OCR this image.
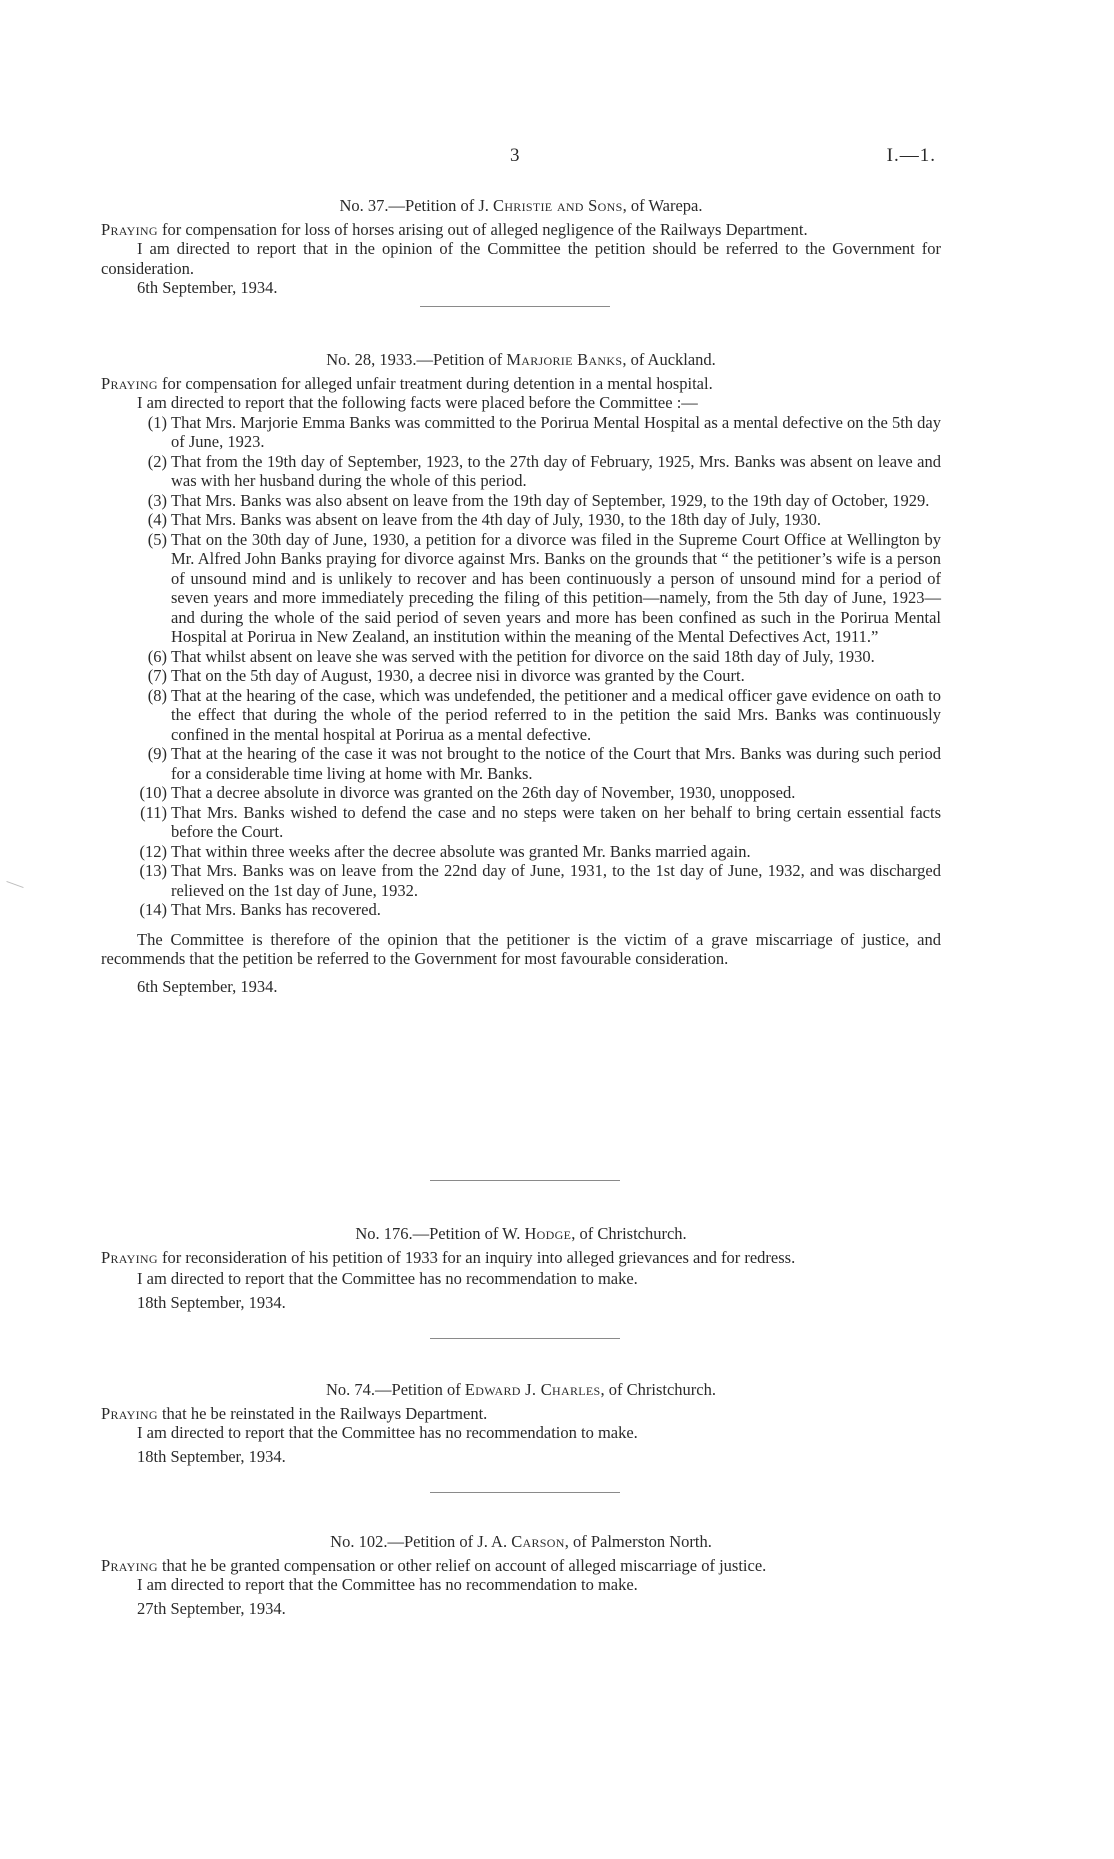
3	I.—1.

No. 37.—Petition of J. Christie and Sons, of Warepa.

Praying for compensation for loss of horses arising out of alleged negligence of the Railways Department.

I am directed to report that in the opinion of the Committee the petition should be referred to the Government for consideration.

6th September, 1934.

No. 28, 1933.—Petition of Marjorie Banks, of Auckland.

Praying for compensation for alleged unfair treatment during detention in a mental hospital.

I am directed to report that the following facts were placed before the Committee :—

(1) That Mrs. Marjorie Emma Banks was committed to the Porirua Mental Hospital as a mental defective on the 5th day of June, 1923.
(2) That from the 19th day of September, 1923, to the 27th day of February, 1925, Mrs. Banks was absent on leave and was with her husband during the whole of this period.
(3) That Mrs. Banks was also absent on leave from the 19th day of September, 1929, to the 19th day of October, 1929.
(4) That Mrs. Banks was absent on leave from the 4th day of July, 1930, to the 18th day of July, 1930.
(5) That on the 30th day of June, 1930, a petition for a divorce was filed in the Supreme Court Office at Wellington by Mr. Alfred John Banks praying for divorce against Mrs. Banks on the grounds that “ the petitioner’s wife is a person of unsound mind and is unlikely to recover and has been continuously a person of unsound mind for a period of seven years and more immediately preceding the filing of this petition—namely, from the 5th day of June, 1923—and during the whole of the said period of seven years and more has been confined as such in the Porirua Mental Hospital at Porirua in New Zealand, an institution within the meaning of the Mental Defectives Act, 1911.”
(6) That whilst absent on leave she was served with the petition for divorce on the said 18th day of July, 1930.
(7) That on the 5th day of August, 1930, a decree nisi in divorce was granted by the Court.
(8) That at the hearing of the case, which was undefended, the petitioner and a medical officer gave evidence on oath to the effect that during the whole of the period referred to in the petition the said Mrs. Banks was continuously confined in the mental hospital at Porirua as a mental defective.
(9) That at the hearing of the case it was not brought to the notice of the Court that Mrs. Banks was during such period for a considerable time living at home with Mr. Banks.
(10) That a decree absolute in divorce was granted on the 26th day of November, 1930, unopposed.
(11) That Mrs. Banks wished to defend the case and no steps were taken on her behalf to bring certain essential facts before the Court.
(12) That within three weeks after the decree absolute was granted Mr. Banks married again.
(13) That Mrs. Banks was on leave from the 22nd day of June, 1931, to the 1st day of June, 1932, and was discharged relieved on the 1st day of June, 1932.
(14) That Mrs. Banks has recovered.

The Committee is therefore of the opinion that the petitioner is the victim of a grave miscarriage of justice, and recommends that the petition be referred to the Government for most favourable consideration.

6th September, 1934.

No. 176.—Petition of W. Hodge, of Christchurch.

Praying for reconsideration of his petition of 1933 for an inquiry into alleged grievances and for redress.

I am directed to report that the Committee has no recommendation to make.

18th September, 1934.

No. 74.—Petition of Edward J. Charles, of Christchurch.

Praying that he be reinstated in the Railways Department.

I am directed to report that the Committee has no recommendation to make.

18th September, 1934.

No. 102.—Petition of J. A. Carson, of Palmerston North.

Praying that he be granted compensation or other relief on account of alleged miscarriage of justice.

I am directed to report that the Committee has no recommendation to make.

27th September, 1934.
